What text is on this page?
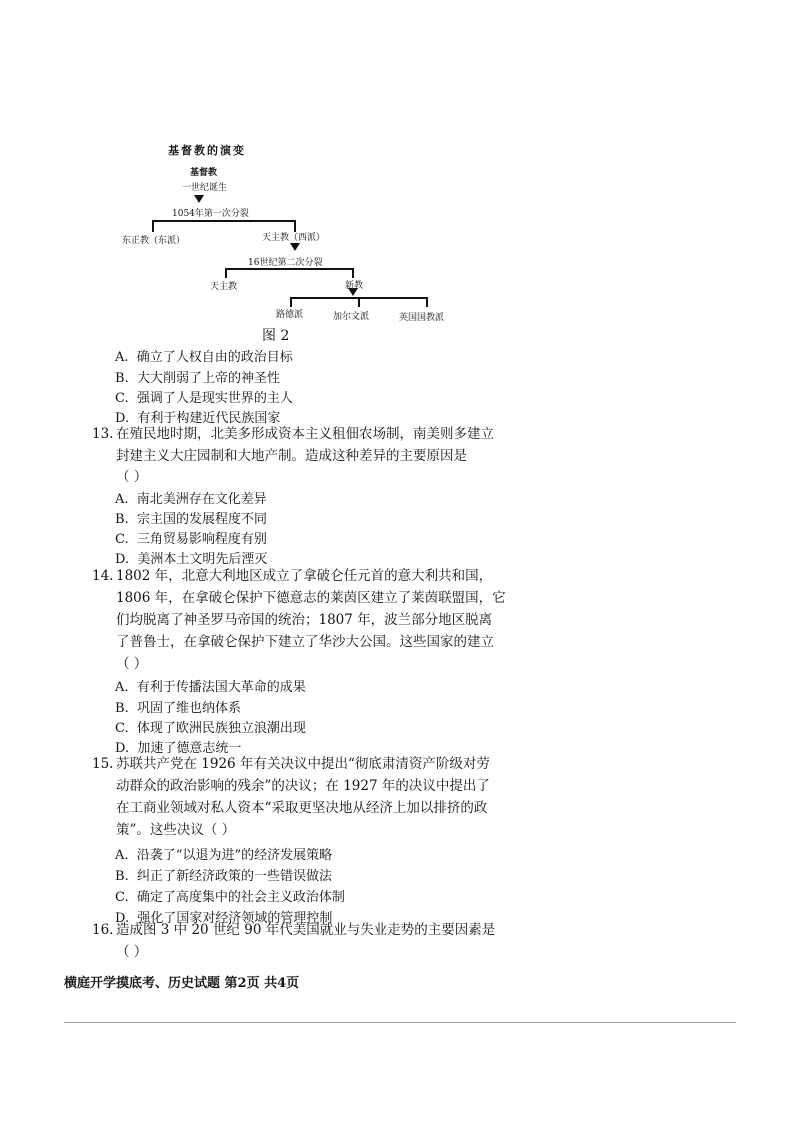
基督教的演变
基督教
一世纪诞生
1054年第一次分裂
东正教（东派）	天主教（西派）
16世纪第二次分裂
天主教	新教
路德派	加尔文派	英国国教派
图 2
A.  确立了人权自由的政治目标
B.  大大削弱了上帝的神圣性
C.  强调了人是现实世界的主人
D.  有利于构建近代民族国家
13. 在殖民地时期，北美多形成资本主义租佃农场制，南美则多建立
封建主义大庄园制和大地产制。造成这种差异的主要原因是
（ ）
A.  南北美洲存在文化差异
B.  宗主国的发展程度不同
C.  三角贸易影响程度有别
D.  美洲本土文明先后湮灭
14. 1802 年，北意大利地区成立了拿破仑任元首的意大利共和国，
1806 年，在拿破仑保护下德意志的莱茵区建立了莱茵联盟国，它
们均脱离了神圣罗马帝国的统治；1807 年，波兰部分地区脱离
了普鲁士，在拿破仑保护下建立了华沙大公国。这些国家的建立
（ ）
A.  有利于传播法国大革命的成果
B.  巩固了维也纳体系
C.  体现了欧洲民族独立浪潮出现
D.  加速了德意志统一
15. 苏联共产党在 1926 年有关决议中提出“彻底肃清资产阶级对劳
动群众的政治影响的残余”的决议；在 1927 年的决议中提出了
在工商业领域对私人资本“采取更坚决地从经济上加以排挤的政
策”。这些决议（ ）
A.  沿袭了“以退为进”的经济发展策略
B.  纠正了新经济政策的一些错误做法
C.  确定了高度集中的社会主义政治体制
D.  强化了国家对经济领域的管理控制
16. 造成图 3 中 20 世纪 90 年代美国就业与失业走势的主要因素是
（ ）
横庭开学摸底考、历史试题 第2页 共4页
